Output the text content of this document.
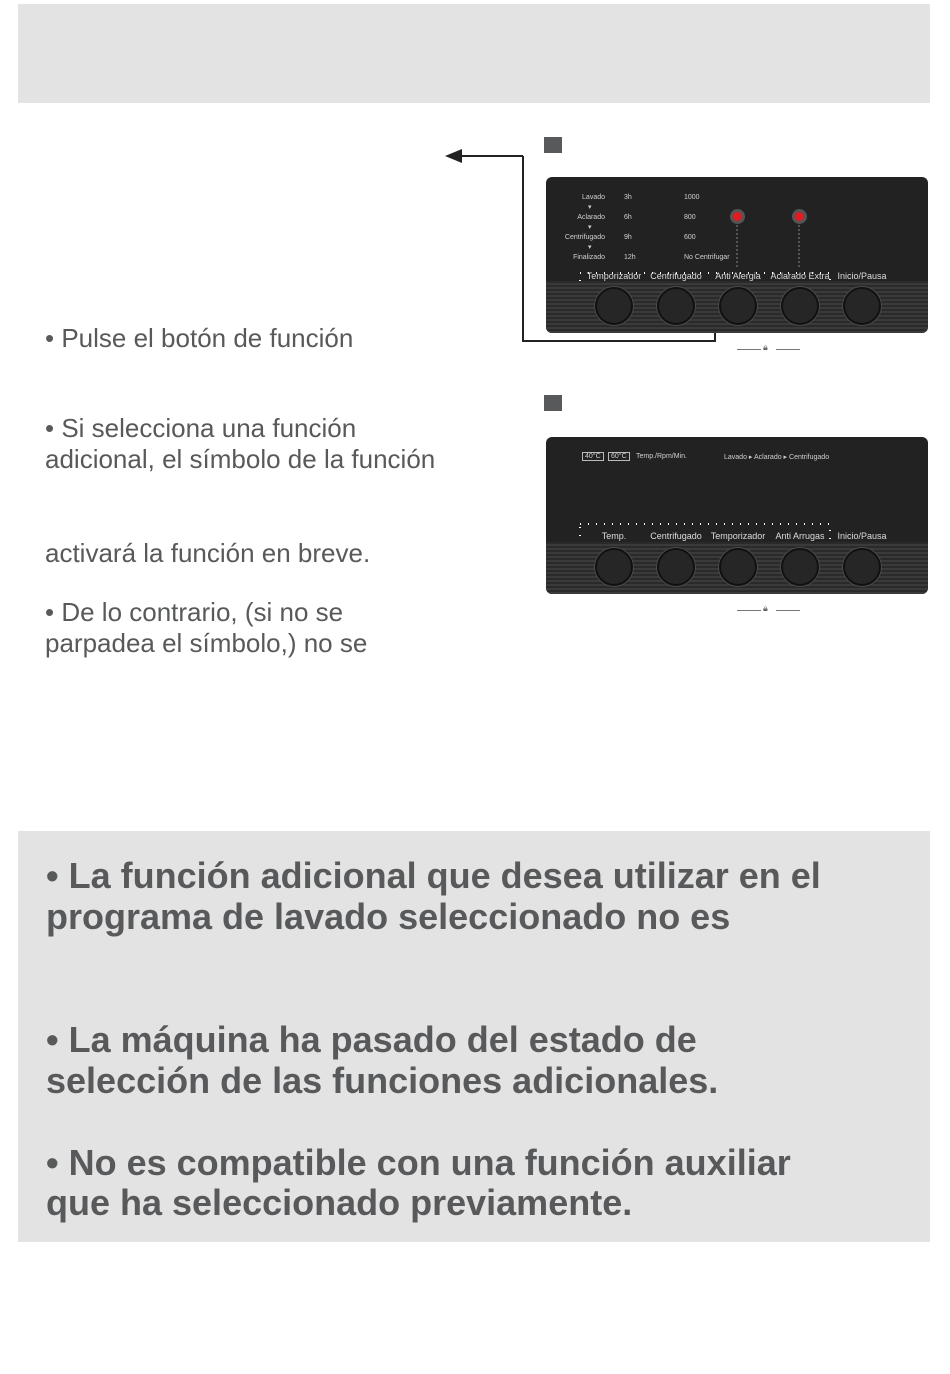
• Pulse el botón de función

• Si selecciona una función

adicional, el símbolo de la función

activará la función en breve.

• De lo contrario, (si no se

parpadea el símbolo,) no se

Lavado
Aclarado
Centrifugado
Finalizado
▾
▾
▾
3h
6h
9h
12h
1000
800
600
No Centrifugar
Temporizador Centrifugado Anti Alergia Aclarado Extra Inicio/Pausa
🔒︎
40°C	60°C	Temp./Rpm/Min.	Lavado ▸ Aclarado ▸ Centrifugado
Temp.	Centrifugado Temporizador Anti Arrugas Inicio/Pausa
🔒︎

• La función adicional que desea utilizar en el

programa de lavado seleccionado no es

• La máquina ha pasado del estado de

selección de las funciones adicionales.

• No es compatible con una función auxiliar

que ha seleccionado previamente.
